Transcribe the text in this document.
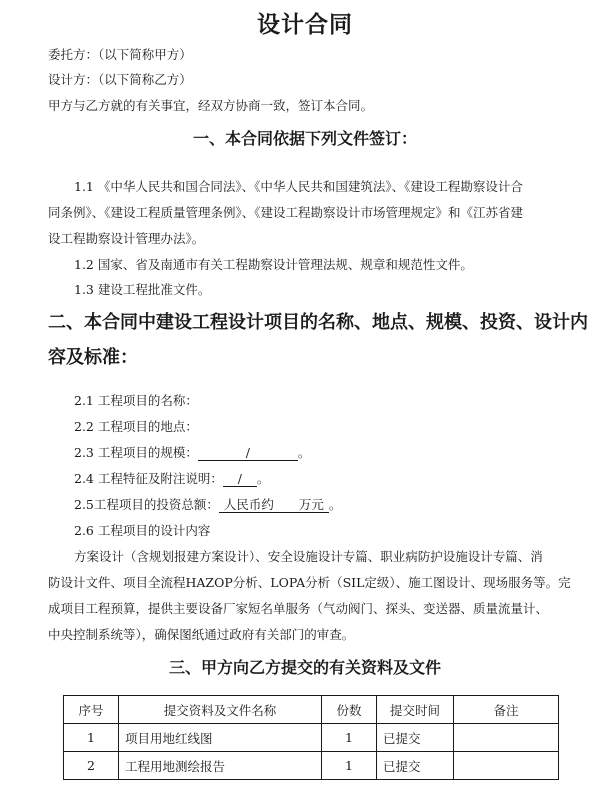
设计合同
委托方：（以下简称甲方）
设计方：（以下简称乙方）
甲方与乙方就的有关事宜，经双方协商一致，签订本合同。
一、本合同依据下列文件签订：
1.1 《中华人民共和国合同法》、《中华人民共和国建筑法》、《建设工程勘察设计合
同条例》、《建设工程质量管理条例》、《建设工程勘察设计市场管理规定》和《江苏省建
设工程勘察设计管理办法》。
1.2 国家、省及南通市有关工程勘察设计管理法规、规章和规范性文件。
1.3 建设工程批准文件。
二、本合同中建设工程设计项目的名称、地点、规模、投资、设计内
容及标准：
2.1 工程项目的名称：
2.2 工程项目的地点：
2.3 工程项目的规模：	/	。
2.4 工程特征及附注说明： / 。
2.5工程项目的投资总额： 人民币约　　万元 。
2.6 工程项目的设计内容
方案设计（含规划报建方案设计）、安全设施设计专篇、职业病防护设施设计专篇、消
防设计文件、项目全流程HAZOP分析、LOPA分析（SIL定级）、施工图设计、现场服务等。完
成项目工程预算，提供主要设备厂家短名单服务（气动阀门、探头、变送器、质量流量计、
中央控制系统等），确保图纸通过政府有关部门的审查。
三、甲方向乙方提交的有关资料及文件
序号	提交资料及文件名称	份数	提交时间	备注
1	项目用地红线图	1	已提交	
2	工程用地测绘报告	1	已提交	
